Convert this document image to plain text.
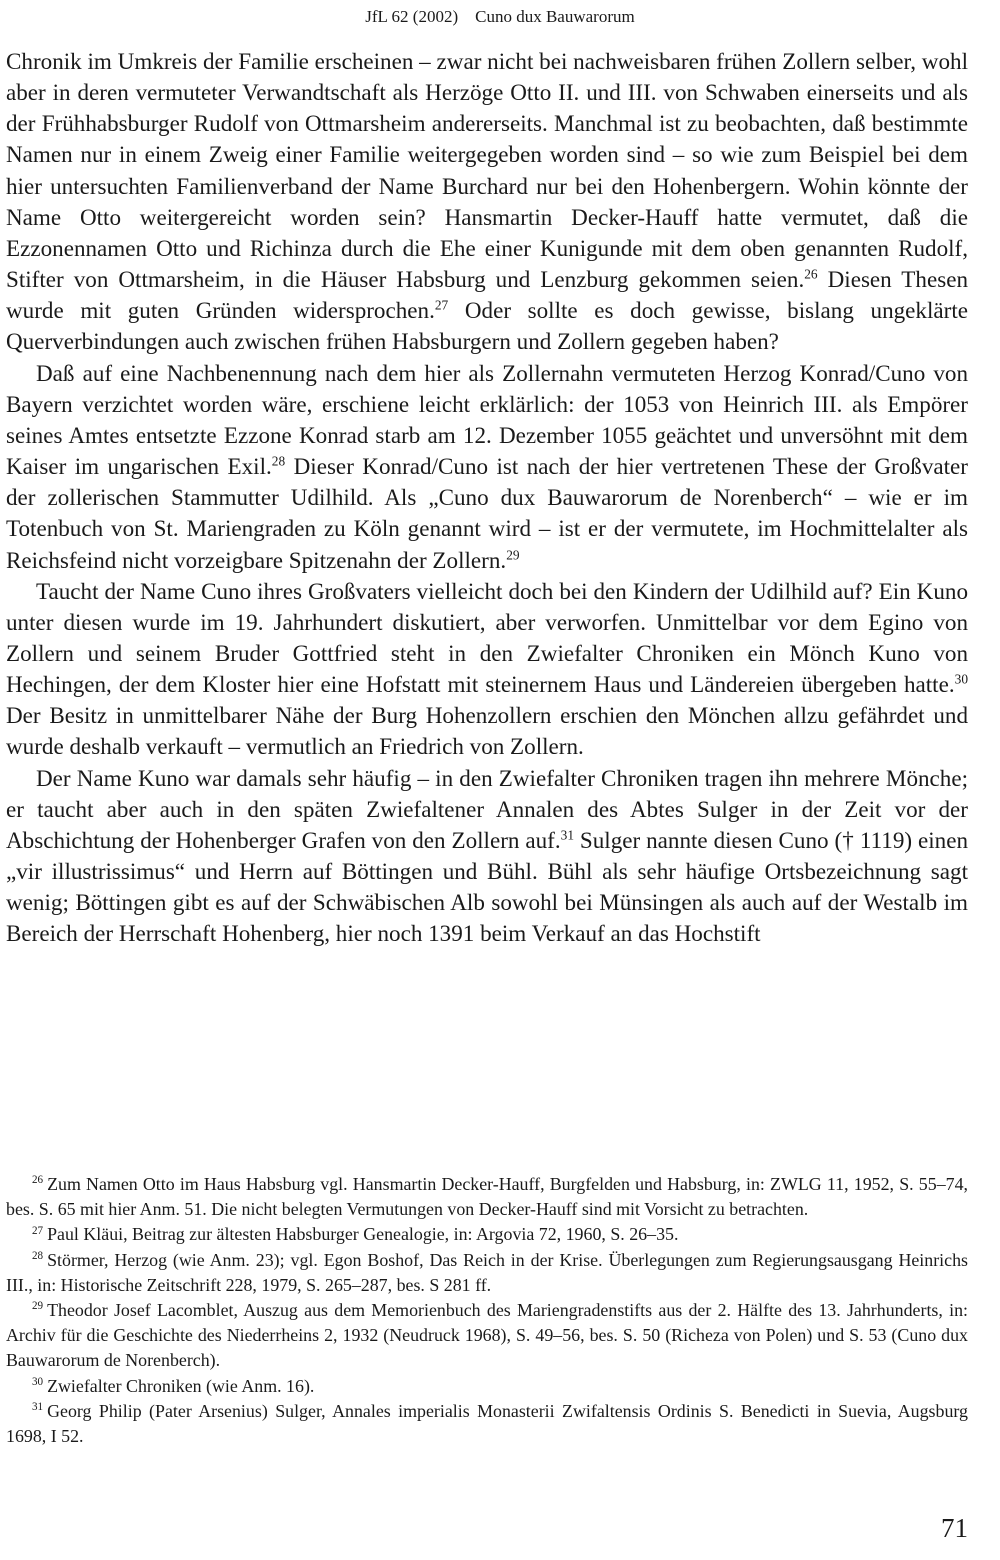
JfL 62 (2002)    Cuno dux Bauwarorum

Chronik im Umkreis der Familie erscheinen – zwar nicht bei nachweisbaren frühen Zollern selber, wohl aber in deren vermuteter Verwandtschaft als Herzöge Otto II. und III. von Schwaben einerseits und als der Frühhabsburger Rudolf von Ottmarsheim andererseits. Manchmal ist zu beobachten, daß bestimmte Namen nur in einem Zweig einer Familie weitergegeben worden sind – so wie zum Beispiel bei dem hier untersuchten Familienverband der Name Burchard nur bei den Hohenbergern. Wohin könnte der Name Otto weitergereicht worden sein? Hansmartin Decker-Hauff hatte vermutet, daß die Ezzonennamen Otto und Richinza durch die Ehe einer Kunigunde mit dem oben genannten Rudolf, Stifter von Ottmarsheim, in die Häuser Habsburg und Lenzburg gekommen seien.$^{26}$ Diesen Thesen wurde mit guten Gründen widersprochen.$^{27}$ Oder sollte es doch gewisse, bislang ungeklärte Querverbindungen auch zwischen frühen Habsburgern und Zollern gegeben haben?

Daß auf eine Nachbenennung nach dem hier als Zollernahn vermuteten Herzog Konrad/Cuno von Bayern verzichtet worden wäre, erschiene leicht erklärlich: der 1053 von Heinrich III. als Empörer seines Amtes entsetzte Ezzone Konrad starb am 12. Dezember 1055 geächtet und unversöhnt mit dem Kaiser im ungarischen Exil.$^{28}$ Dieser Konrad/Cuno ist nach der hier vertretenen These der Großvater der zollerischen Stammutter Udilhild. Als „Cuno dux Bauwarorum de Norenberch“ – wie er im Totenbuch von St. Mariengraden zu Köln genannt wird – ist er der vermutete, im Hochmittelalter als Reichsfeind nicht vorzeigbare Spitzenahn der Zollern.$^{29}$

Taucht der Name Cuno ihres Großvaters vielleicht doch bei den Kindern der Udilhild auf? Ein Kuno unter diesen wurde im 19. Jahrhundert diskutiert, aber verworfen. Unmittelbar vor dem Egino von Zollern und seinem Bruder Gottfried steht in den Zwiefalter Chroniken ein Mönch Kuno von Hechingen, der dem Kloster hier eine Hofstatt mit steinernem Haus und Ländereien übergeben hatte.$^{30}$ Der Besitz in unmittelbarer Nähe der Burg Hohenzollern erschien den Mönchen allzu gefährdet und wurde deshalb verkauft – vermutlich an Friedrich von Zollern.

Der Name Kuno war damals sehr häufig – in den Zwiefalter Chroniken tragen ihn mehrere Mönche; er taucht aber auch in den späten Zwiefaltener Annalen des Abtes Sulger in der Zeit vor der Abschichtung der Hohenberger Grafen von den Zollern auf.$^{31}$ Sulger nannte diesen Cuno († 1119) einen „vir illustrissimus“ und Herrn auf Böttingen und Bühl. Bühl als sehr häufige Ortsbezeichnung sagt wenig; Böttingen gibt es auf der Schwäbischen Alb sowohl bei Münsingen als auch auf der Westalb im Bereich der Herrschaft Hohenberg, hier noch 1391 beim Verkauf an das Hochstift

$^{26}$ Zum Namen Otto im Haus Habsburg vgl. Hansmartin Decker-Hauff, Burgfelden und Habsburg, in: ZWLG 11, 1952, S. 55–74, bes. S. 65 mit hier Anm. 51. Die nicht belegten Vermutungen von Decker-Hauff sind mit Vorsicht zu betrachten.

$^{27}$ Paul Kläui, Beitrag zur ältesten Habsburger Genealogie, in: Argovia 72, 1960, S. 26–35.

$^{28}$ Störmer, Herzog (wie Anm. 23); vgl. Egon Boshof, Das Reich in der Krise. Überlegungen zum Regierungsausgang Heinrichs III., in: Historische Zeitschrift 228, 1979, S. 265–287, bes. S 281 ff.

$^{29}$ Theodor Josef Lacomblet, Auszug aus dem Memorienbuch des Mariengradenstifts aus der 2. Hälfte des 13. Jahrhunderts, in: Archiv für die Geschichte des Niederrheins 2, 1932 (Neudruck 1968), S. 49–56, bes. S. 50 (Richeza von Polen) und S. 53 (Cuno dux Bauwarorum de Norenberch).

$^{30}$ Zwiefalter Chroniken (wie Anm. 16).

$^{31}$ Georg Philip (Pater Arsenius) Sulger, Annales imperialis Monasterii Zwifaltensis Ordinis S. Benedicti in Suevia, Augsburg 1698, I 52.

71
